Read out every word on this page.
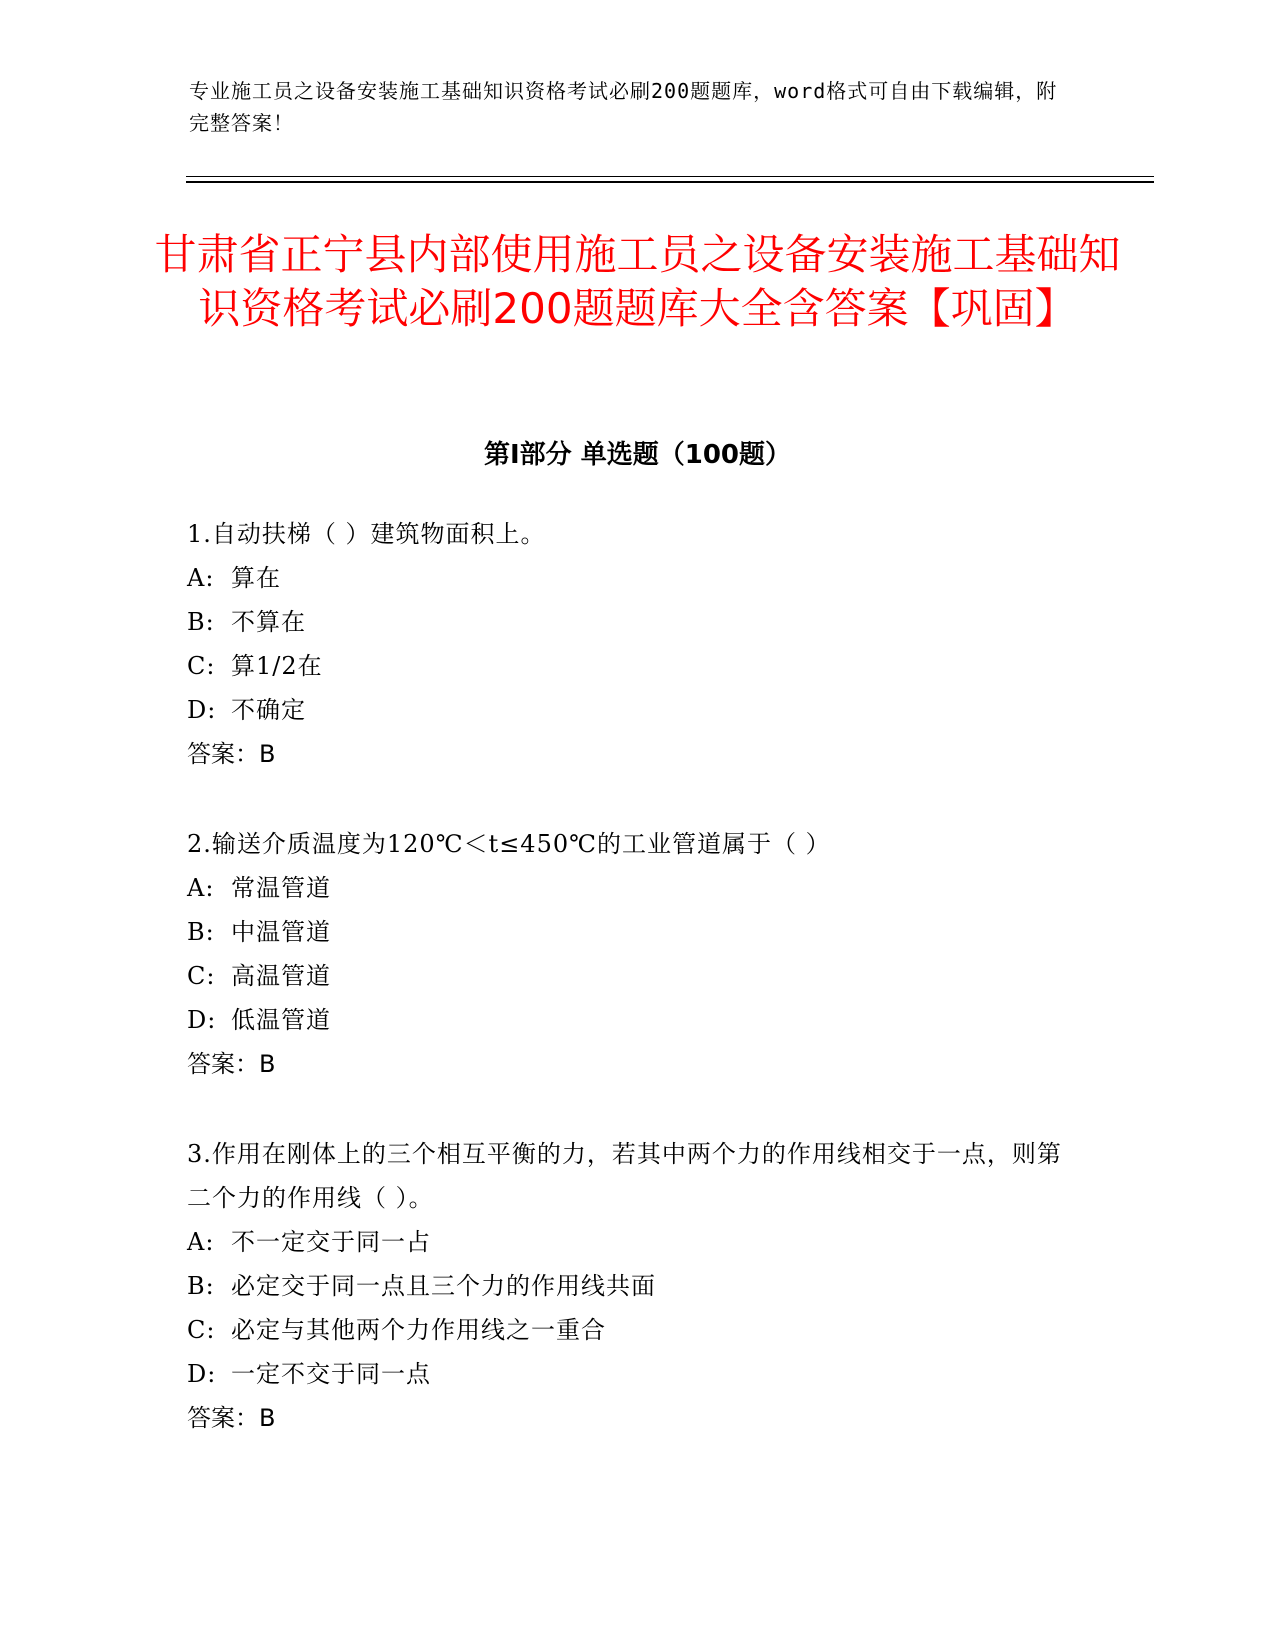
专业施工员之设备安装施工基础知识资格考试必刷200题题库，word格式可自由下载编辑，附完整答案！
甘肃省正宁县内部使用施工员之设备安装施工基础知识资格考试必刷200题题库大全含答案【巩固】
第Ⅰ部分 单选题（100题）
1.自动扶梯（ ）建筑物面积上。
A: 算在
B: 不算在
C: 算1/2在
D: 不确定
答案：B
2.输送介质温度为120℃＜t≤450℃的工业管道属于（ ）
A: 常温管道
B: 中温管道
C: 高温管道
D: 低温管道
答案：B
3.作用在刚体上的三个相互平衡的力，若其中两个力的作用线相交于一点，则第二个力的作用线（ ）。
A: 不一定交于同一占
B: 必定交于同一点且三个力的作用线共面
C: 必定与其他两个力作用线之一重合
D: 一定不交于同一点
答案：B
